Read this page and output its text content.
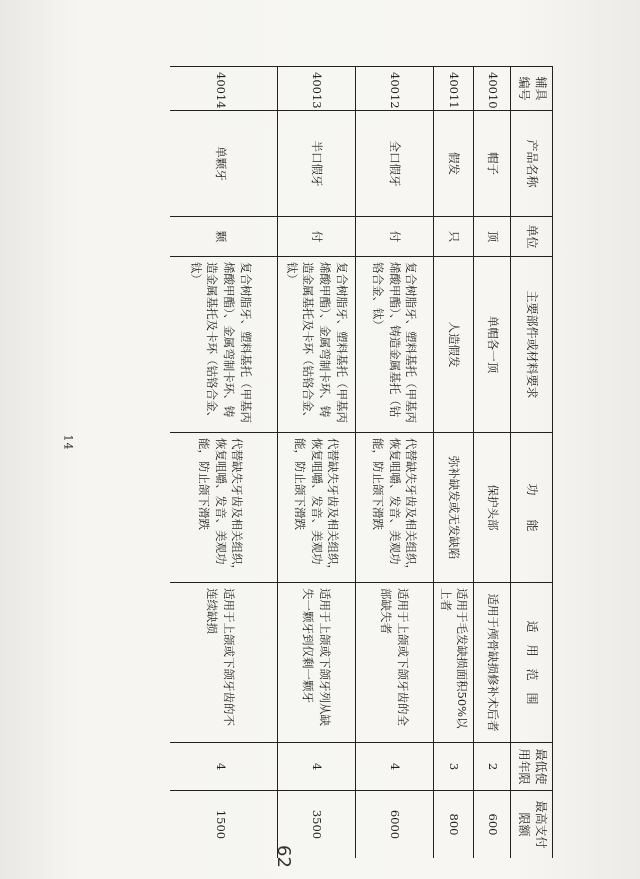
辅具编号	产品名称	单位	主要部件或材料要求	功　　能	适　用　范　围	最低使用年限	最高支付限额
40010	帽子	顶	单帽各一顶	保护头部	适用于颅骨缺损修补术后者	2	600
40011	假发	只	人造假发	弥补缺发或无发缺陷	适用于毛发缺损面积50%以上者	3	800
40012	全口假牙	付	复合树脂牙、塑料基托（甲基丙烯酸甲酯）、铸造金属基托（钴铬合金、钛）	代替缺失牙齿及相关组织，恢复咀嚼、发音、美观功能，防止颌下滑跌	适用于上颌或下颌牙齿的全部缺失者	4	6000
40013	半口假牙	付	复合树脂牙、塑料基托（甲基丙烯酸甲酯）、金属弯制卡环、铸造金属基托及卡环（钴铬合金、钛）	代替缺失牙齿及相关组织，恢复咀嚼、发音、美观功能，防止颌下滑跌	适用于上颌或下颌牙列从缺失一颗牙到仅剩一颗牙	4	3500
40014	单颗牙	颗	复合树脂牙、塑料基托（甲基丙烯酸甲酯）、金属弯制卡环、铸造金属基托及卡环（钴铬合金、钛）	代替缺失牙齿及相关组织，恢复咀嚼、发音、美观功能，防止颌下滑跌	适用于上颌或下颌牙齿的不连续缺损	4	1500
14
62
